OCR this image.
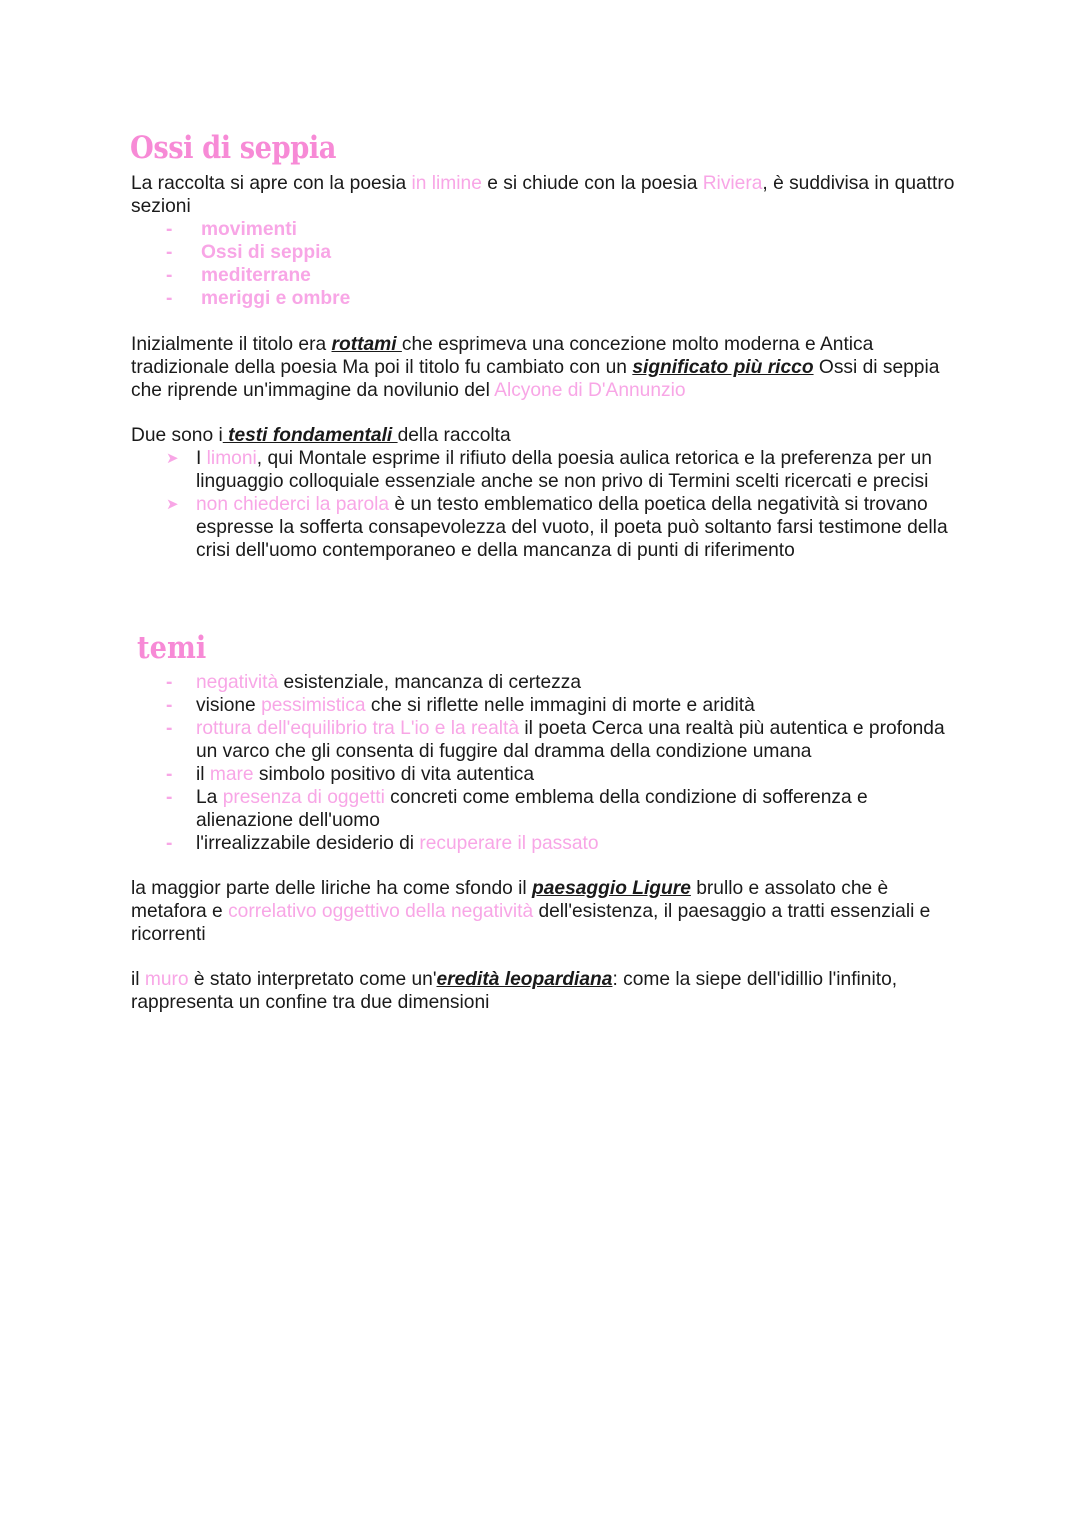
Ossi di seppia

La raccolta si apre con la poesia in limine e si chiude con la poesia Riviera, è suddivisa in quattro sezioni

- movimenti
- Ossi di seppia
- mediterrane
- meriggi e ombre

Inizialmente il titolo era rottami che esprimeva una concezione molto moderna e Antica tradizionale della poesia Ma poi il titolo fu cambiato con un significato più ricco Ossi di seppia che riprende un'immagine da novilunio del Alcyone di D'Annunzio

Due sono i testi fondamentali della raccolta

➤ I limoni, qui Montale esprime il rifiuto della poesia aulica retorica e la preferenza per un linguaggio colloquiale essenziale anche se non privo di Termini scelti ricercati e precisi
➤ non chiederci la parola è un testo emblematico della poetica della negatività si trovano espresse la sofferta consapevolezza del vuoto, il poeta può soltanto farsi testimone della crisi dell'uomo contemporaneo e della mancanza di punti di riferimento
temi
- negatività esistenziale, mancanza di certezza
- visione pessimistica che si riflette nelle immagini di morte e aridità
- rottura dell'equilibrio tra L'io e la realtà il poeta Cerca una realtà più autentica e profonda un varco che gli consenta di fuggire dal dramma della condizione umana
- il mare simbolo positivo di vita autentica
- La presenza di oggetti concreti come emblema della condizione di sofferenza e alienazione dell'uomo
- l'irrealizzabile desiderio di recuperare il passato

la maggior parte delle liriche ha come sfondo il paesaggio Ligure brullo e assolato che è metafora e correlativo oggettivo della negatività dell'esistenza, il paesaggio a tratti essenziali e ricorrenti

il muro è stato interpretato come un'eredità leopardiana: come la siepe dell'idillio l'infinito, rappresenta un confine tra due dimensioni
